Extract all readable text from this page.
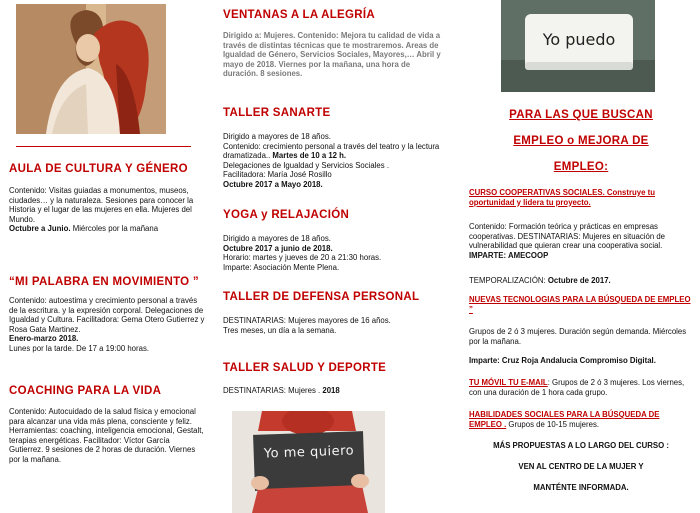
AULA DE CULTURA Y GÉNERO
Contenido: Visitas guiadas a monumentos, museos, ciudades… y la naturaleza. Sesiones para conocer la Historia y el lugar de las mujeres en ella. Mujeres del Mundo.
Octubre a Junio. Miércoles por la mañana
“MI PALABRA EN MOVIMIENTO ”
Contenido: autoestima y crecimiento personal a través de la escritura. y la expresión corporal. Delegaciones de Igualdad y Cultura. Facilitadora: Gema Otero Gutierrez y Rosa Gata Martinez.
Enero-marzo 2018.
Lunes por la tarde. De 17 a 19:00 horas.
COACHING PARA LA VIDA
Contenido: Autocuidado de la salud física y emocional para alcanzar una vida más plena, consciente y feliz. Herramientas: coaching, inteligencia emocional, Gestalt, terapias energéticas. Facilitador: Víctor García Gutierrez. 9 sesiones de 2 horas de duración. Viernes por la mañana.
VENTANAS A LA ALEGRÍA
Dirigido a: Mujeres. Contenido: Mejora tu calidad de vida a través de distintas técnicas que te mostraremos. Areas de Igualdad de Género, Servicios Sociales, Mayores,… Abril y mayo de 2018. Viernes por la mañana, una hora de duración. 8 sesiones.
TALLER SANARTE
Dirigido a mayores de 18 años.
Contenido: crecimiento personal a través del teatro y la lectura dramatizada.. Martes de 10 a 12 h.
Delegaciones de Igualdad y Servicios Sociales .
Facilitadora: María José Rosillo
Octubre 2017 a Mayo 2018.
YOGA y RELAJACIÓN
Dirigido a mayores de 18 años.
Octubre 2017 a junio de 2018.
Horario: martes y jueves de 20 a 21:30 horas.
Imparte: Asociación Mente Plena.
TALLER DE DEFENSA PERSONAL
DESTINATARIAS: Mujeres mayores de 16 años.
Tres meses, un día a la semana.
TALLER SALUD Y DEPORTE
DESTINATARIAS: Mujeres . 2018
Yo me quiero
Yo puedo
PARA LAS QUE BUSCAN
EMPLEO o MEJORA DE
EMPLEO:
CURSO COOPERATIVAS SOCIALES. Construye tu oportunidad y lidera tu proyecto.
Contenido: Formación teórica y prácticas en empresas cooperativas. DESTINATARIAS: Mujeres en situación de vulnerabilidad que quieran crear una cooperativa social. IMPARTE: AMECOOP
TEMPORALIZACIÓN: Octubre de 2017.
NUEVAS TECNOLOGIAS PARA LA BÚSQUEDA DE EMPLEO ”
Grupos de 2 ó 3 mujeres. Duración según demanda. Miércoles por la mañana.
Imparte: Cruz Roja Andalucia Compromiso Digital.
TU MÓVIL TU E-MAIL: Grupos de 2 ó 3 mujeres. Los viernes, con una duración de 1 hora cada grupo.
HABILIDADES SOCIALES PARA LA BÚSQUEDA DE EMPLEO . Grupos de 10-15 mujeres.
MÁS PROPUESTAS A LO LARGO DEL CURSO :
VEN AL CENTRO DE LA MUJER Y
MANTÉNTE INFORMADA.
